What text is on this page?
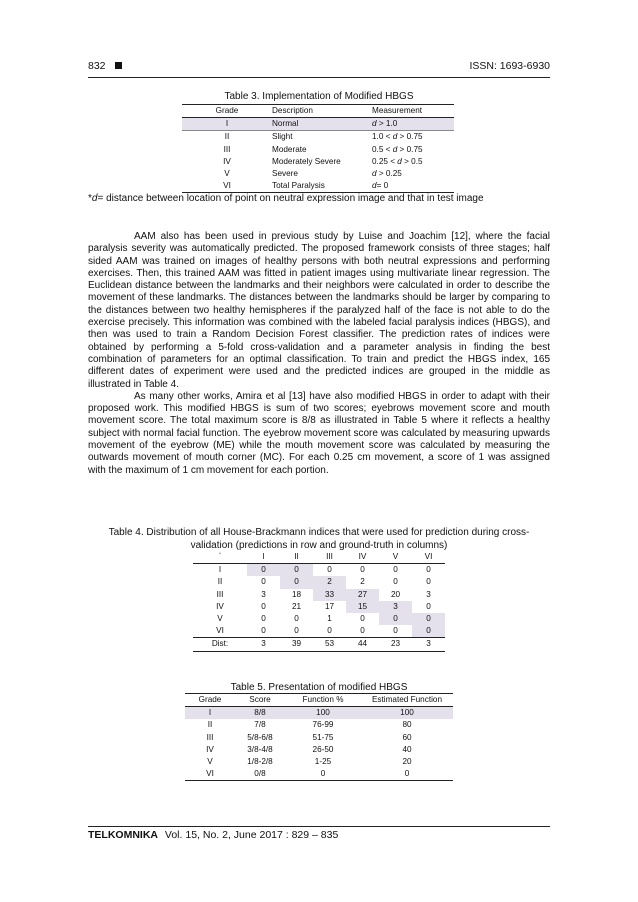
832	ISSN: 1693-6930
Table 3. Implementation of Modified HBGS
Grade	Description	Measurement
I	Normal	d > 1.0
II	Slight	1.0 < d > 0.75
III	Moderate	0.5 < d > 0.75
IV	Moderately Severe	0.25 < d > 0.5
V	Severe	d > 0.25
VI	Total Paralysis	d= 0
*d= distance between location of point on neutral expression image and that in test image

AAM also has been used in previous study by Luise and Joachim [12], where the facial paralysis severity was automatically predicted. The proposed framework consists of three stages; half sided AAM was trained on images of healthy persons with both neutral expressions and performing exercises. Then, this trained AAM was fitted in patient images using multivariate linear regression. The Euclidean distance between the landmarks and their neighbors were calculated in order to describe the movement of these landmarks. The distances between the landmarks should be larger by comparing to the distances between two healthy hemispheres if the paralyzed half of the face is not able to do the exercise precisely. This information was combined with the labeled facial paralysis indices (HBGS), and then was used to train a Random Decision Forest classifier. The prediction rates of indices were obtained by performing a 5-fold cross-validation and a parameter analysis in finding the best combination of parameters for an optimal classification. To train and predict the HBGS index, 165 different dates of experiment were used and the predicted indices are grouped in the middle as illustrated in Table 4.

As many other works, Amira et al [13] have also modified HBGS in order to adapt with their proposed work. This modified HBGS is sum of two scores; eyebrows movement score and mouth movement score. The total maximum score is 8/8 as illustrated in Table 5 where it reflects a healthy subject with normal facial function. The eyebrow movement score was calculated by measuring upwards movement of the eyebrow (ME) while the mouth movement score was calculated by measuring the outwards movement of mouth corner (MC). For each 0.25 cm movement, a score of 1 was assigned with the maximum of 1 cm movement for each portion.

Table 4. Distribution of all House-Brackmann indices that were used for prediction during cross-
validation (predictions in row and ground-truth in columns)
`	I	II	III	IV	V	VI
I	0	0	0	0	0	0
II	0	0	2	2	0	0
III	3	18	33	27	20	3
IV	0	21	17	15	3	0
V	0	0	1	0	0	0
VI	0	0	0	0	0	0
Dist:	3	39	53	44	23	3
Table 5. Presentation of modified HBGS
Grade	Score	Function %	Estimated Function
I	8/8	100	100
II	7/8	76-99	80
III	5/8-6/8	51-75	60
IV	3/8-4/8	26-50	40
V	1/8-2/8	1-25	20
VI	0/8	0	0
TELKOMNIKA Vol. 15, No. 2, June 2017 : 829 – 835
